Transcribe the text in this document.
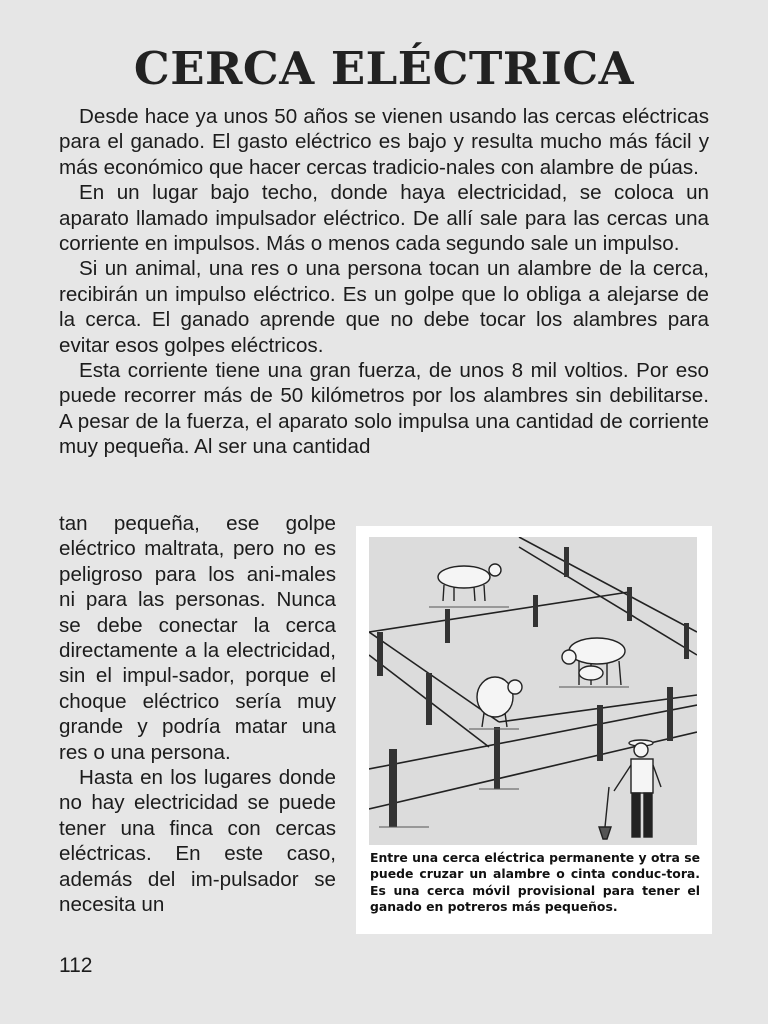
CERCA ELÉCTRICA

Desde hace ya unos 50 años se vienen usando las cercas eléctricas para el ganado. El gasto eléctrico es bajo y resulta mucho más fácil y más económico que hacer cercas tradicio-nales con alambre de púas.

En un lugar bajo techo, donde haya electricidad, se coloca un aparato llamado impulsador eléctrico. De allí sale para las cercas una corriente en impulsos. Más o menos cada segundo sale un impulso.

Si un animal, una res o una persona tocan un alambre de la cerca, recibirán un impulso eléctrico. Es un golpe que lo obliga a alejarse de la cerca. El ganado aprende que no debe tocar los alambres para evitar esos golpes eléctricos.

Esta corriente tiene una gran fuerza, de unos 8 mil voltios. Por eso puede recorrer más de 50 kilómetros por los alambres sin debilitarse. A pesar de la fuerza, el aparato solo impulsa una cantidad de corriente muy pequeña. Al ser una cantidad

tan pequeña, ese golpe eléctrico maltrata, pero no es peligroso para los ani-males ni para las personas. Nunca se debe conectar la cerca directamente a la electricidad, sin el impul-sador, porque el choque eléctrico sería muy grande y podría matar una res o una persona.

Hasta en los lugares donde no hay electricidad se puede tener una finca con cercas eléctricas. En este caso, además del im-pulsador se necesita un

Entre una cerca eléctrica permanente y otra se puede cruzar un alambre o cinta conduc-tora. Es una cerca móvil provisional para tener el ganado en potreros más pequeños.
112
